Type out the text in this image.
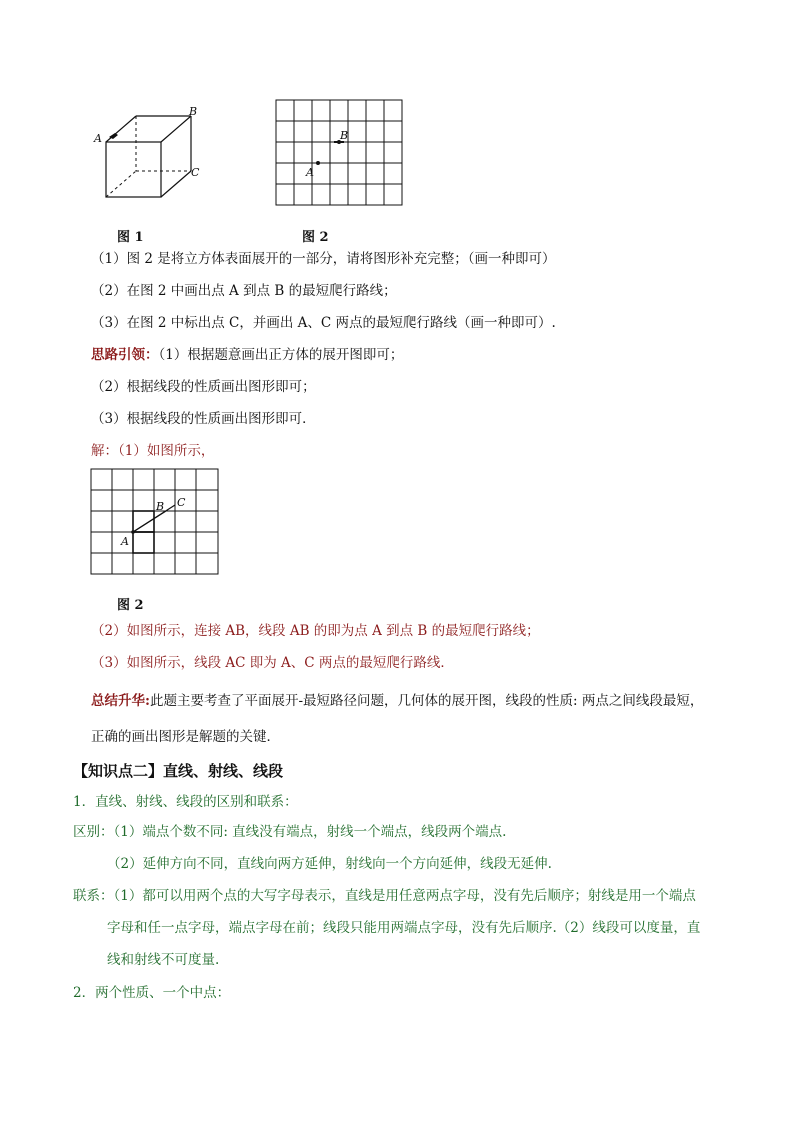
A
B
C	A
B
图 1	图 2
（1）图 2 是将立方体表面展开的一部分，请将图形补充完整；（画一种即可）
（2）在图 2 中画出点 A 到点 B 的最短爬行路线；
（3）在图 2 中标出点 C，并画出 A、C 两点的最短爬行路线（画一种即可）.
思路引领：（1）根据题意画出正方体的展开图即可；
（2）根据线段的性质画出图形即可；
（3）根据线段的性质画出图形即可．
解：（1）如图所示，
A
B C
图 2
（2）如图所示，连接 AB，线段 AB 的即为点 A 到点 B 的最短爬行路线；
（3）如图所示，线段 AC 即为 A、C 两点的最短爬行路线．
总结升华:此题主要考查了平面展开-最短路径问题，几何体的展开图，线段的性质: 两点之间线段最短，
正确的画出图形是解题的关键．
【知识点二】直线、射线、线段
1．直线、射线、线段的区别和联系：
区别：（1）端点个数不同: 直线没有端点，射线一个端点，线段两个端点.
（2）延伸方向不同，直线向两方延伸，射线向一个方向延伸，线段无延伸.
联系：（1）都可以用两个点的大写字母表示，直线是用任意两点字母，没有先后顺序；射线是用一个端点
字母和任一点字母，端点字母在前；线段只能用两端点字母，没有先后顺序.（2）线段可以度量，直
线和射线不可度量.
2．两个性质、一个中点：
